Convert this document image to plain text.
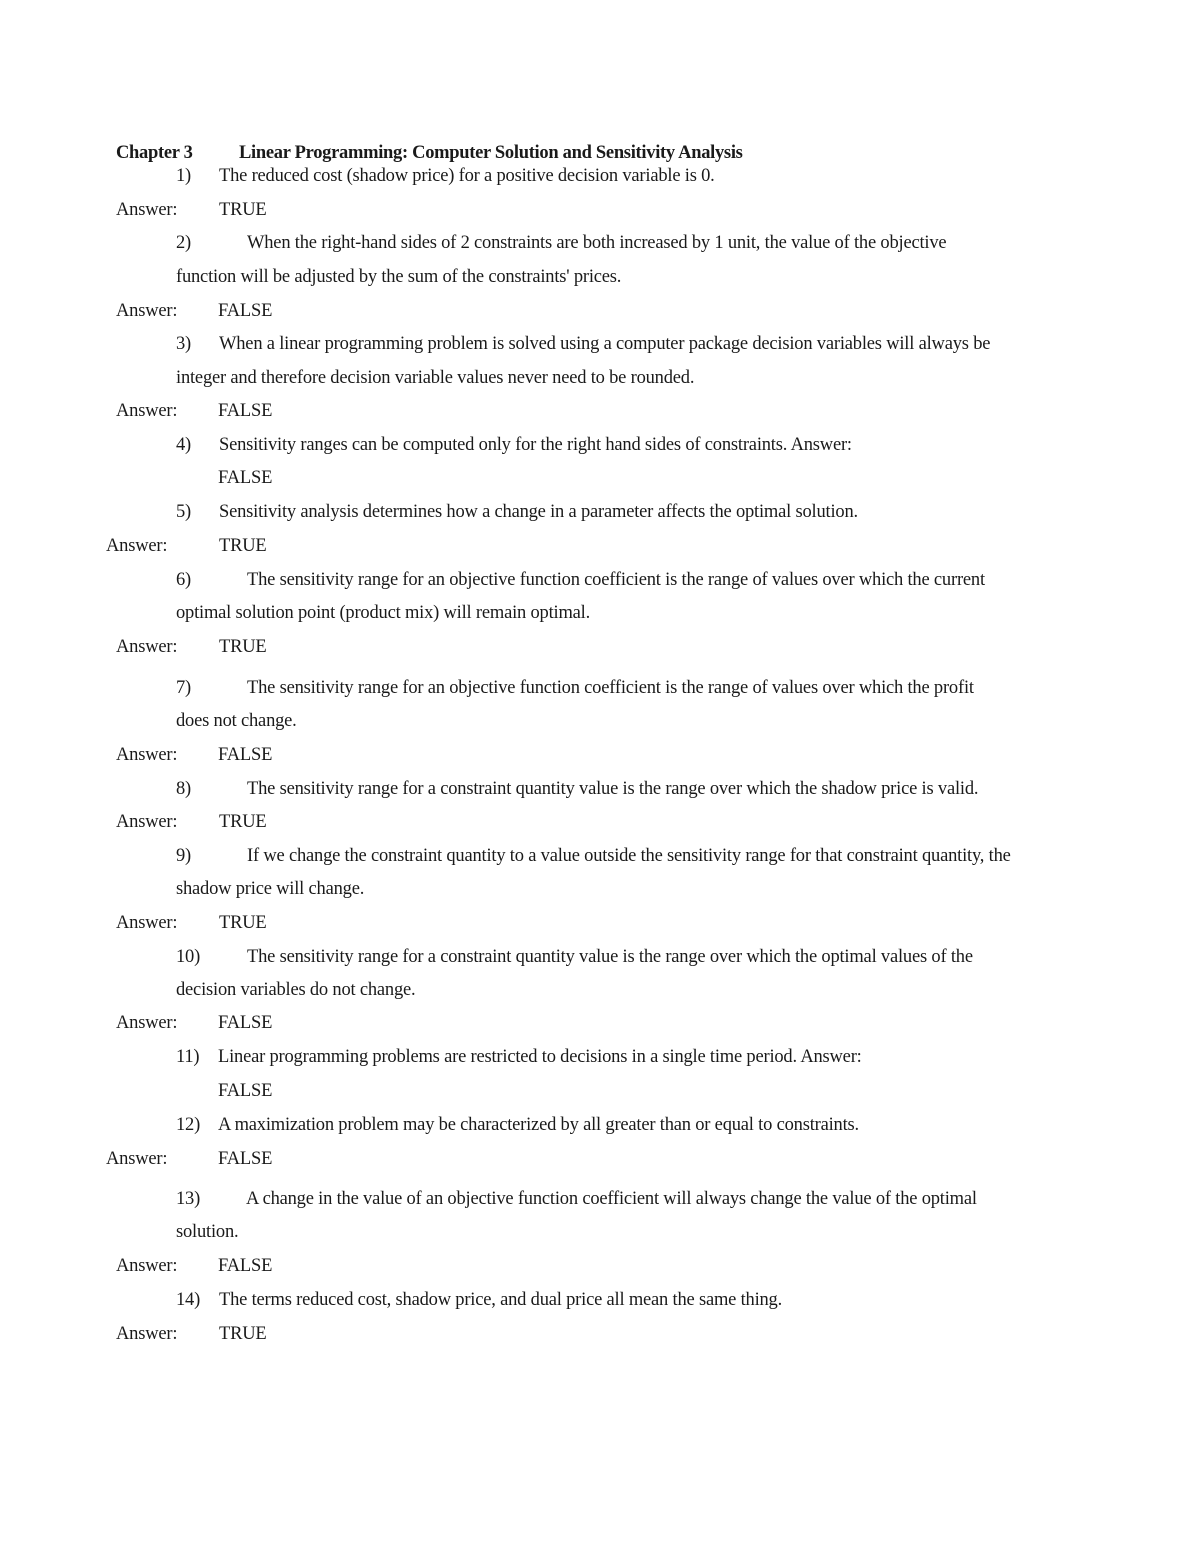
Chapter 3	Linear Programming: Computer Solution and Sensitivity Analysis
1) The reduced cost (shadow price) for a positive decision variable is 0.
Answer: TRUE
2)	When the right-hand sides of 2 constraints are both increased by 1 unit, the value of the objective
function will be adjusted by the sum of the constraints' prices.
Answer: FALSE
3) When a linear programming problem is solved using a computer package decision variables will always be
integer and therefore decision variable values never need to be rounded.
Answer: FALSE
4) Sensitivity ranges can be computed only for the right hand sides of constraints. Answer:
FALSE
5) Sensitivity analysis determines how a change in a parameter affects the optimal solution.
Answer:	TRUE
6)	The sensitivity range for an objective function coefficient is the range of values over which the current
optimal solution point (product mix) will remain optimal.
Answer: TRUE
7)	The sensitivity range for an objective function coefficient is the range of values over which the profit
does not change.
Answer: FALSE
8)	The sensitivity range for a constraint quantity value is the range over which the shadow price is valid.
Answer: TRUE
9)	If we change the constraint quantity to a value outside the sensitivity range for that constraint quantity, the
shadow price will change.
Answer: TRUE
10)	The sensitivity range for a constraint quantity value is the range over which the optimal values of the
decision variables do not change.
Answer: FALSE
11) Linear programming problems are restricted to decisions in a single time period. Answer:
FALSE
12) A maximization problem may be characterized by all greater than or equal to constraints.
Answer:	FALSE
13) A change in the value of an objective function coefficient will always change the value of the optimal
solution.
Answer: FALSE
14) The terms reduced cost, shadow price, and dual price all mean the same thing.
Answer: TRUE
